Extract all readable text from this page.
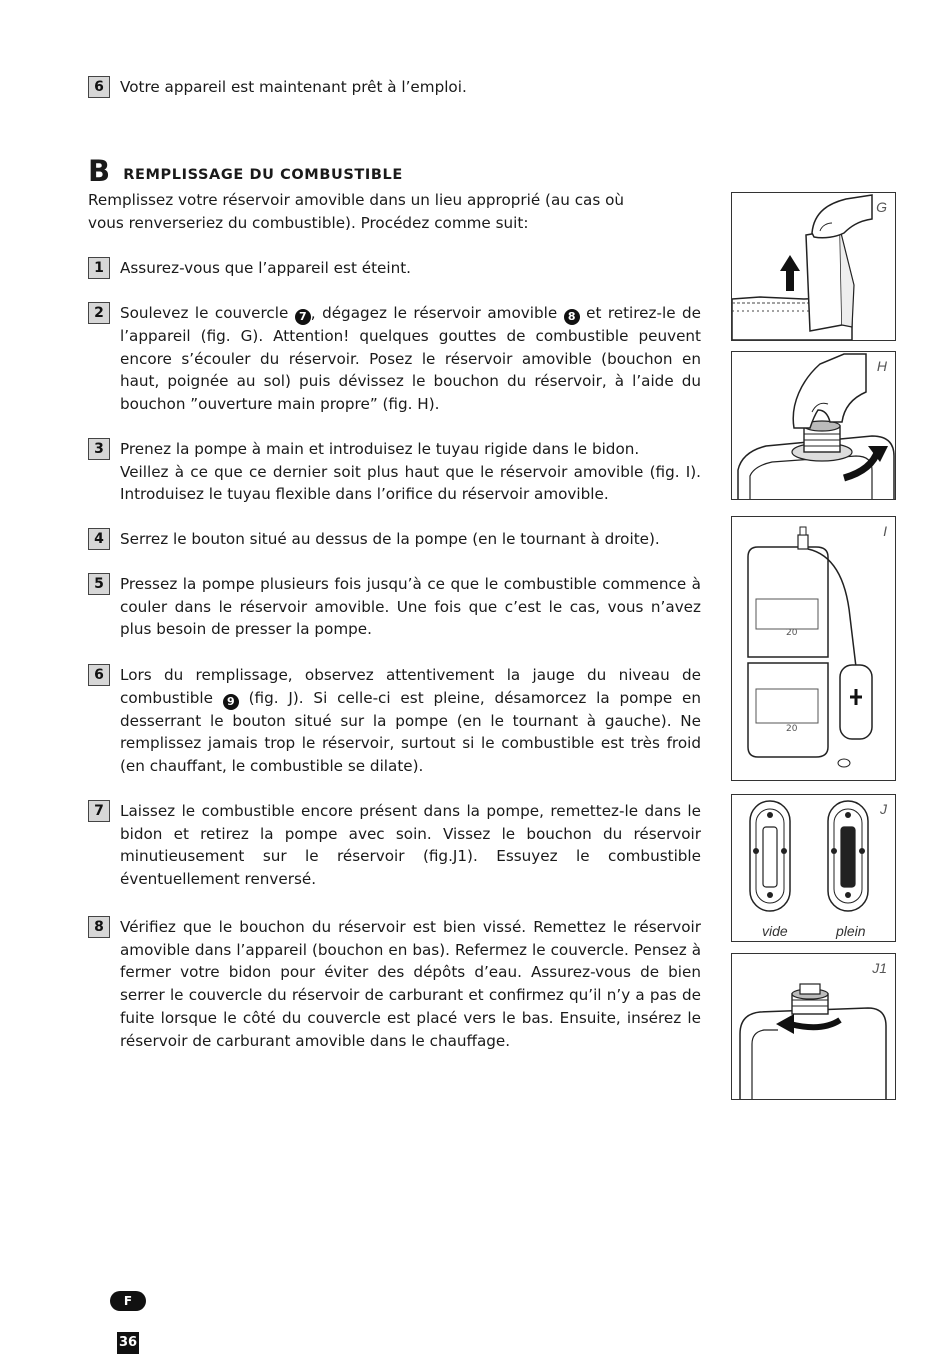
6	Votre appareil est maintenant prêt à l’emploi.
B REMPLISSAGE DU COMBUSTIBLE
Remplissez votre réservoir amovible dans un lieu approprié (au cas où vous renverseriez du combustible). Procédez comme suit:
1	Assurez-vous que l’appareil est éteint.
2	Soulevez le couvercle 7 , dégagez le réservoir amovible 8 et retirez-le de l’appareil (fig. G). Attention! quelques gouttes de combustible peuvent encore s’écouler du réservoir. Posez le réservoir amovible (bouchon en haut, poignée au sol) puis dévissez le bouchon du réservoir, à l’aide du bouchon ”ouverture main propre” (fig. H).
3	Prenez la pompe à main et introduisez le tuyau rigide dans le bidon.
Veillez à ce que ce dernier soit plus haut que le réservoir amovible (fig. I). Introduisez le tuyau flexible dans l’orifice du réservoir amovible.
4	Serrez le bouton situé au dessus de la pompe (en le tournant à droite).
5	Pressez la pompe plusieurs fois jusqu’à ce que le combustible commence à couler dans le réservoir amovible. Une fois que c’est le cas, vous n’avez plus besoin de presser la pompe.
6	Lors du remplissage, observez attentivement la jauge du niveau de combustible 9 (fig. J). Si celle-ci est pleine, désamorcez la pompe en desserrant le bouton situé sur la pompe (en le tournant à gauche). Ne remplissez jamais trop le réservoir, surtout si le combustible est très froid (en chauffant, le combustible se dilate).
7	Laissez le combustible encore présent dans la pompe, remettez-le dans le bidon et retirez la pompe avec soin. Vissez le bouchon du réservoir minutieusement sur le réservoir (fig.J1). Essuyez le combustible éventuellement renversé.
8	Vérifiez que le bouchon du réservoir est bien vissé. Remettez le réservoir amovible dans l’appareil (bouchon en bas). Refermez le couvercle. Pensez à fermer votre bidon pour éviter des dépôts d’eau. Assurez-vous de bien serrer le couvercle du réservoir de carburant et confirmez qu’il n’y a pas de fuite lorsque le côté du couvercle est placé vers le bas. Ensuite, insérez le réservoir de carburant amovible dans le chauffage.
G
H
20
20
I
J
vide	plein
J1
F
36
